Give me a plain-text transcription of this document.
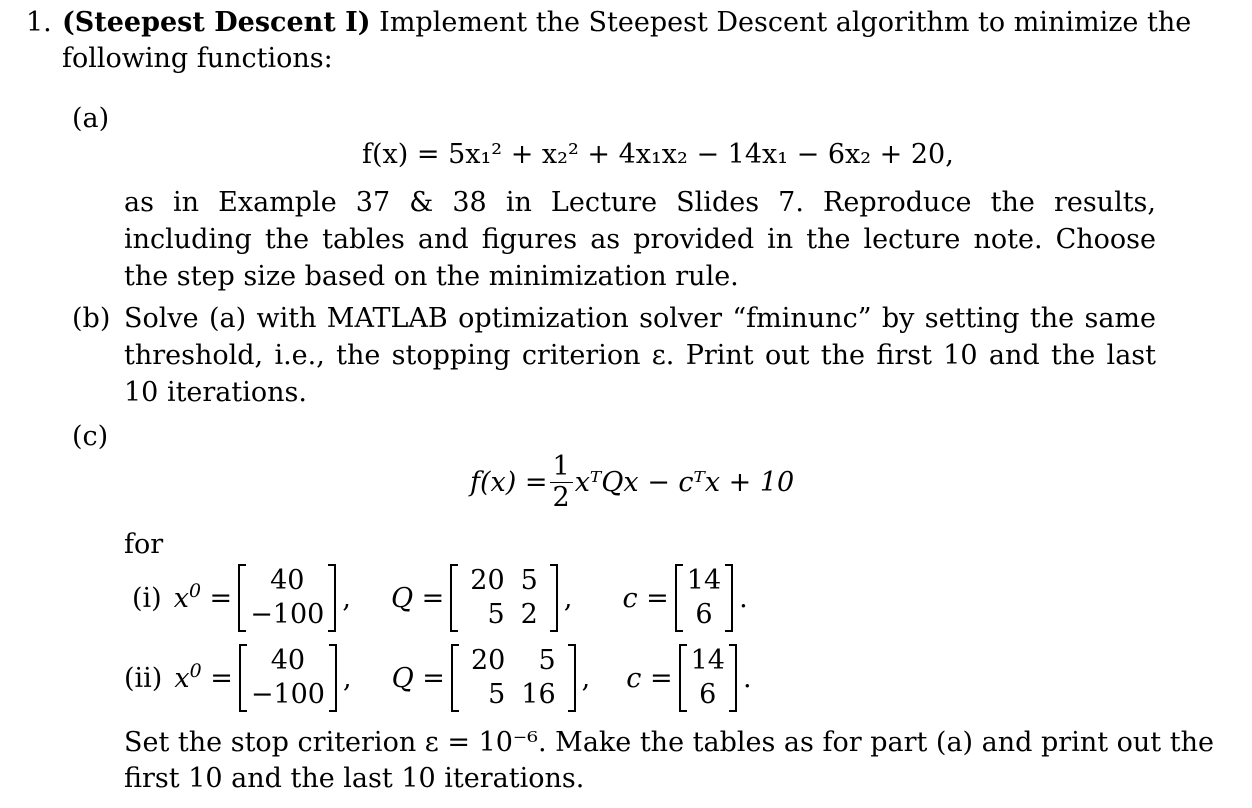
1. (Steepest Descent I) Implement the Steepest Descent algorithm to minimize the
following functions:
(a)
f(x) = 5x₁² + x₂² + 4x₁x₂ − 14x₁ − 6x₂ + 20,
as in Example 37 & 38 in Lecture Slides 7. Reproduce the results, including the tables and figures as provided in the lecture note. Choose the step size based on the minimization rule.
(b) Solve (a) with MATLAB optimization solver “fminunc” by setting the same threshold, i.e., the stopping criterion ε. Print out the first 10 and the last 10 iterations.
(c)
$f(x) = \frac{1}{2}$ xᵀQx − cᵀx + 10
for
(i) $x^0$ =
40
−100
, Q =
20	5
5	2
, c =
14
6
.
(ii) $x^0$ =
40
−100
, Q =
20	5
5	16
, c =
14
6
.
Set the stop criterion ε = 10⁻⁶. Make the tables as for part (a) and print out the
first 10 and the last 10 iterations.
